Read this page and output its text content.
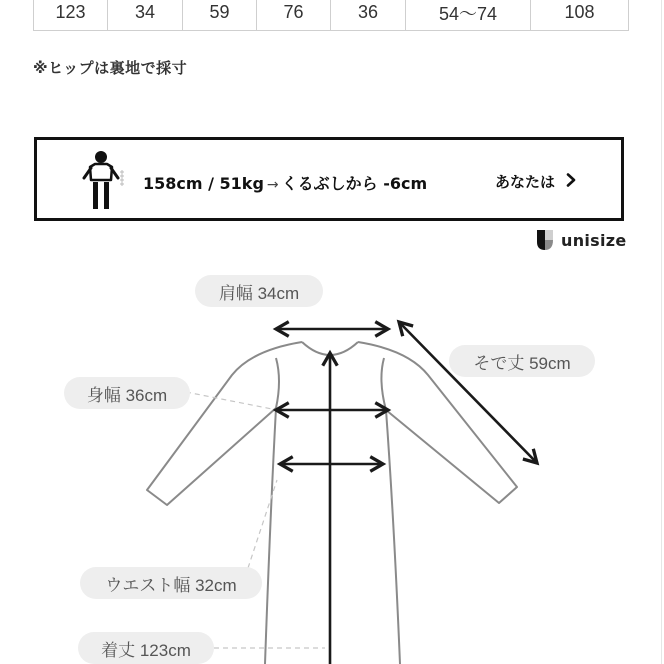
123	34	59	76	36	54〜74	108
※ヒップは裏地で採寸
158cm / 51kg → くるぶしから -6cm	あなたは
unisize
肩幅 34cm
そで丈 59cm
身幅 36cm
ウエスト幅 32cm
着丈 123cm
